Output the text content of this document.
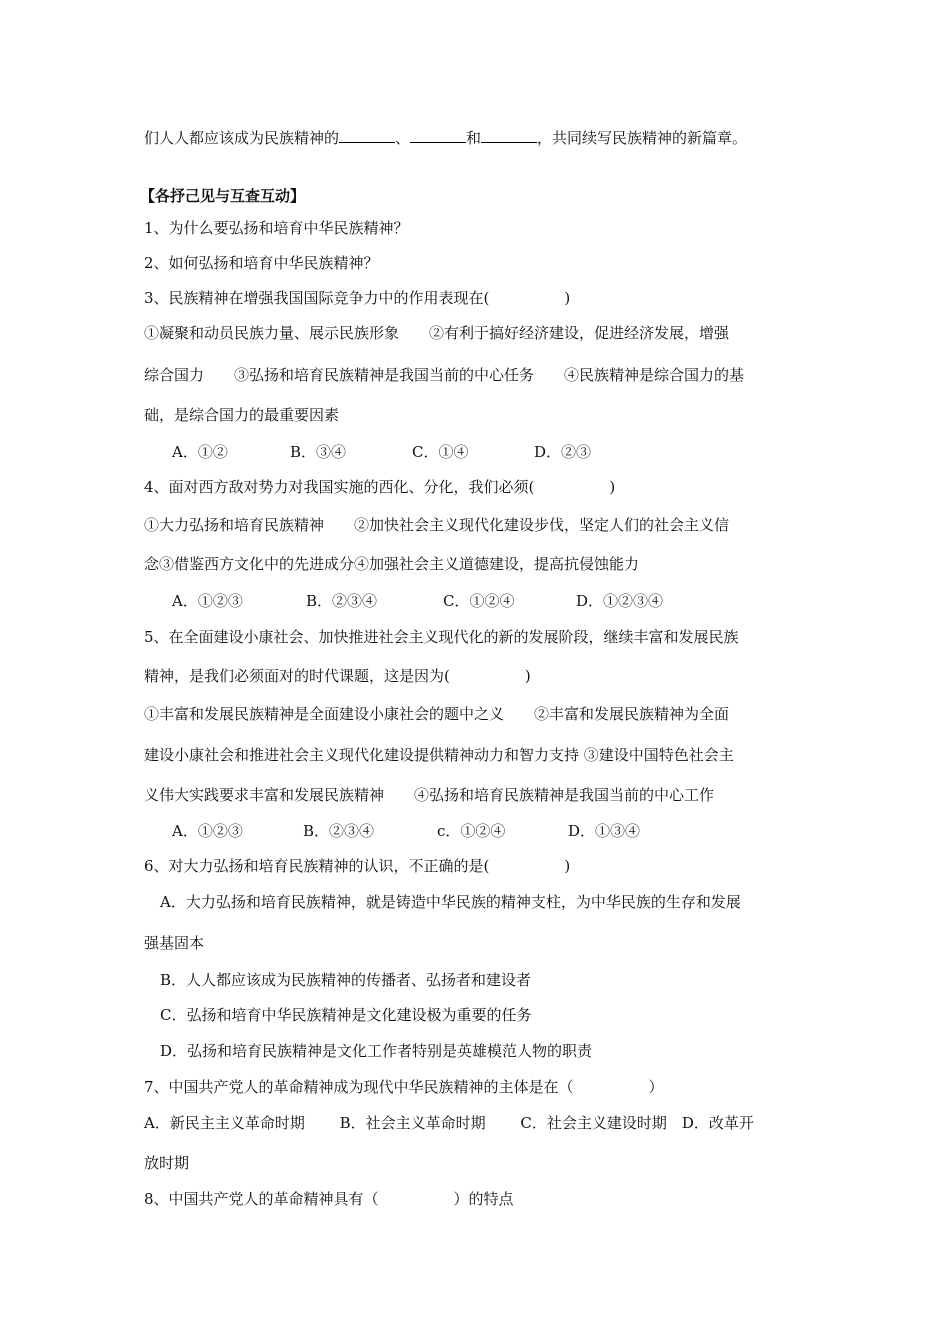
们人人都应该成为民族精神的	、	和	，共同续写民族精神的新篇章。
【各抒己见与互查互动】
1、为什么要弘扬和培育中华民族精神？
2、如何弘扬和培育中华民族精神？
3、民族精神在增强我国国际竞争力中的作用表现在(　　　　　)
①凝聚和动员民族力量、展示民族形象　　②有利于搞好经济建设，促进经济发展，增强
综合国力　　③弘扬和培育民族精神是我国当前的中心任务　　④民族精神是综合国力的基
础，是综合国力的最重要因素
A．①②	B．③④	C．①④	D．②③
4、面对西方敌对势力对我国实施的西化、分化，我们必须(　　　　　)
①大力弘扬和培育民族精神　　②加快社会主义现代化建设步伐，坚定人们的社会主义信
念③借鉴西方文化中的先进成分④加强社会主义道德建设，提高抗侵蚀能力
A．①②③	B．②③④	C．①②④	D．①②③④
5、在全面建设小康社会、加快推进社会主义现代化的新的发展阶段，继续丰富和发展民族
精神，是我们必须面对的时代课题，这是因为(　　　　　)
①丰富和发展民族精神是全面建设小康社会的题中之义　　②丰富和发展民族精神为全面
建设小康社会和推进社会主义现代化建设提供精神动力和智力支持 ③建设中国特色社会主
义伟大实践要求丰富和发展民族精神　　④弘扬和培育民族精神是我国当前的中心工作
A．①②③	B．②③④	c．①②④	D．①③④
6、对大力弘扬和培育民族精神的认识，不正确的是(　　　　　)
A．大力弘扬和培育民族精神，就是铸造中华民族的精神支柱，为中华民族的生存和发展
强基固本
B．人人都应该成为民族精神的传播者、弘扬者和建设者
C．弘扬和培育中华民族精神是文化建设极为重要的任务
D．弘扬和培育民族精神是文化工作者特别是英雄模范人物的职责
7、中国共产党人的革命精神成为现代中华民族精神的主体是在（　　　　　）
A．新民主主义革命时期　　 B．社会主义革命时期　　 C．社会主义建设时期　D．改革开
放时期
8、中国共产党人的革命精神具有（　　　　　）的特点
